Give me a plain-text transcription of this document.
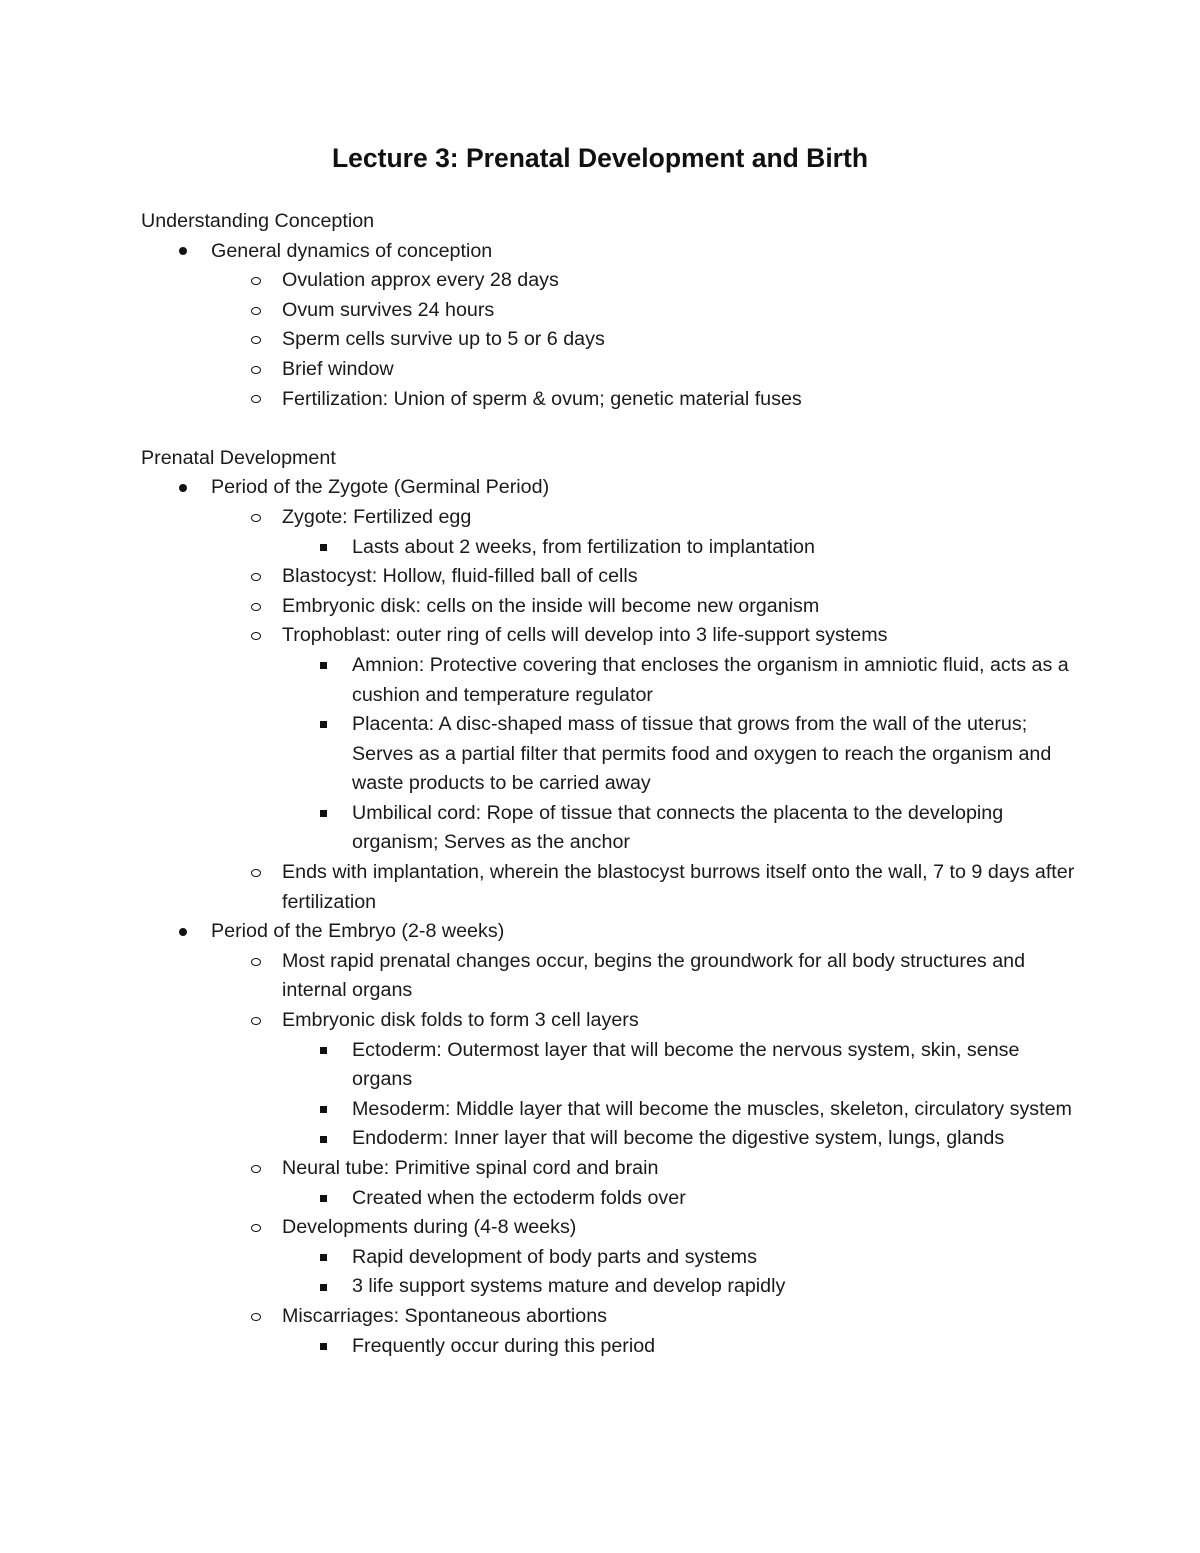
Lecture 3: Prenatal Development and Birth
Understanding Conception
General dynamics of conception
Ovulation approx every 28 days
Ovum survives 24 hours
Sperm cells survive up to 5 or 6 days
Brief window
Fertilization: Union of sperm & ovum; genetic material fuses
Prenatal Development
Period of the Zygote (Germinal Period)
Zygote: Fertilized egg
Lasts about 2 weeks, from fertilization to implantation
Blastocyst: Hollow, fluid-filled ball of cells
Embryonic disk: cells on the inside will become new organism
Trophoblast: outer ring of cells will develop into 3 life-support systems
Amnion: Protective covering that encloses the organism in amniotic fluid, acts as a cushion and temperature regulator
Placenta: A disc-shaped mass of tissue that grows from the wall of the uterus; Serves as a partial filter that permits food and oxygen to reach the organism and waste products to be carried away
Umbilical cord: Rope of tissue that connects the placenta to the developing organism; Serves as the anchor
Ends with implantation, wherein the blastocyst burrows itself onto the wall, 7 to 9 days after fertilization
Period of the Embryo (2-8 weeks)
Most rapid prenatal changes occur, begins the groundwork for all body structures and internal organs
Embryonic disk folds to form 3 cell layers
Ectoderm: Outermost layer that will become the nervous system, skin, sense organs
Mesoderm: Middle layer that will become the muscles, skeleton, circulatory system
Endoderm: Inner layer that will become the digestive system, lungs, glands
Neural tube: Primitive spinal cord and brain
Created when the ectoderm folds over
Developments during (4-8 weeks)
Rapid development of body parts and systems
3 life support systems mature and develop rapidly
Miscarriages: Spontaneous abortions
Frequently occur during this period
